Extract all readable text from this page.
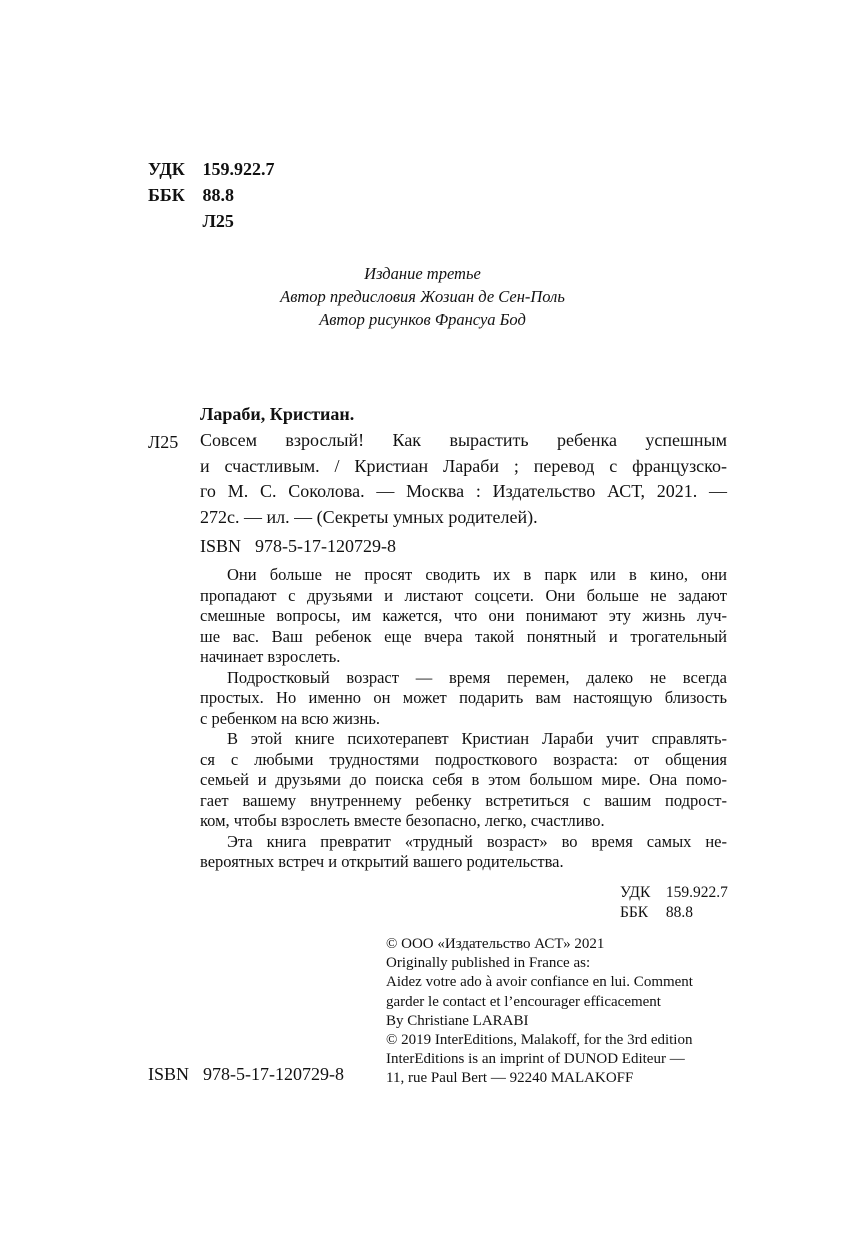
УДК 159.922.7
ББК 88.8
Л25
Издание третье
Автор предисловия Жозиан де Сен-Поль
Автор рисунков Франсуа Бод
Лараби, Кристиан.
Л25 Совсем взрослый! Как вырастить ребенка успешным
и счастливым. / Кристиан Лараби ; перевод с французско-
го М. С. Соколова. — Москва : Издательство АСТ, 2021. —
272с. — ил. — (Секреты умных родителей).
ISBN 978-5-17-120729-8
Они больше не просят сводить их в парк или в кино, они
пропадают с друзьями и листают соцсети. Они больше не задают
смешные вопросы, им кажется, что они понимают эту жизнь луч-
ше вас. Ваш ребенок еще вчера такой понятный и трогательный
начинает взрослеть.
Подростковый возраст — время перемен, далеко не всегда
простых. Но именно он может подарить вам настоящую близость
с ребенком на всю жизнь.
В этой книге психотерапевт Кристиан Лараби учит справлять-
ся с любыми трудностями подросткового возраста: от общения
семьей и друзьями до поиска себя в этом большом мире. Она помо-
гает вашему внутреннему ребенку встретиться с вашим подрост-
ком, чтобы взрослеть вместе безопасно, легко, счастливо.
Эта книга превратит «трудный возраст» во время самых не-
вероятных встреч и открытий вашего родительства.
УДК 159.922.7
ББК 88.8
© ООО «Издательство АСТ» 2021
Originally published in France as:
Aidez votre ado à avoir confiance en lui. Comment
garder le contact et l’encourager efficacement
By Christiane LARABI
© 2019 InterEditions, Malakoff, for the 3rd edition
InterEditions is an imprint of DUNOD Editeur —
11, rue Paul Bert — 92240 MALAKOFF
ISBN 978-5-17-120729-8
